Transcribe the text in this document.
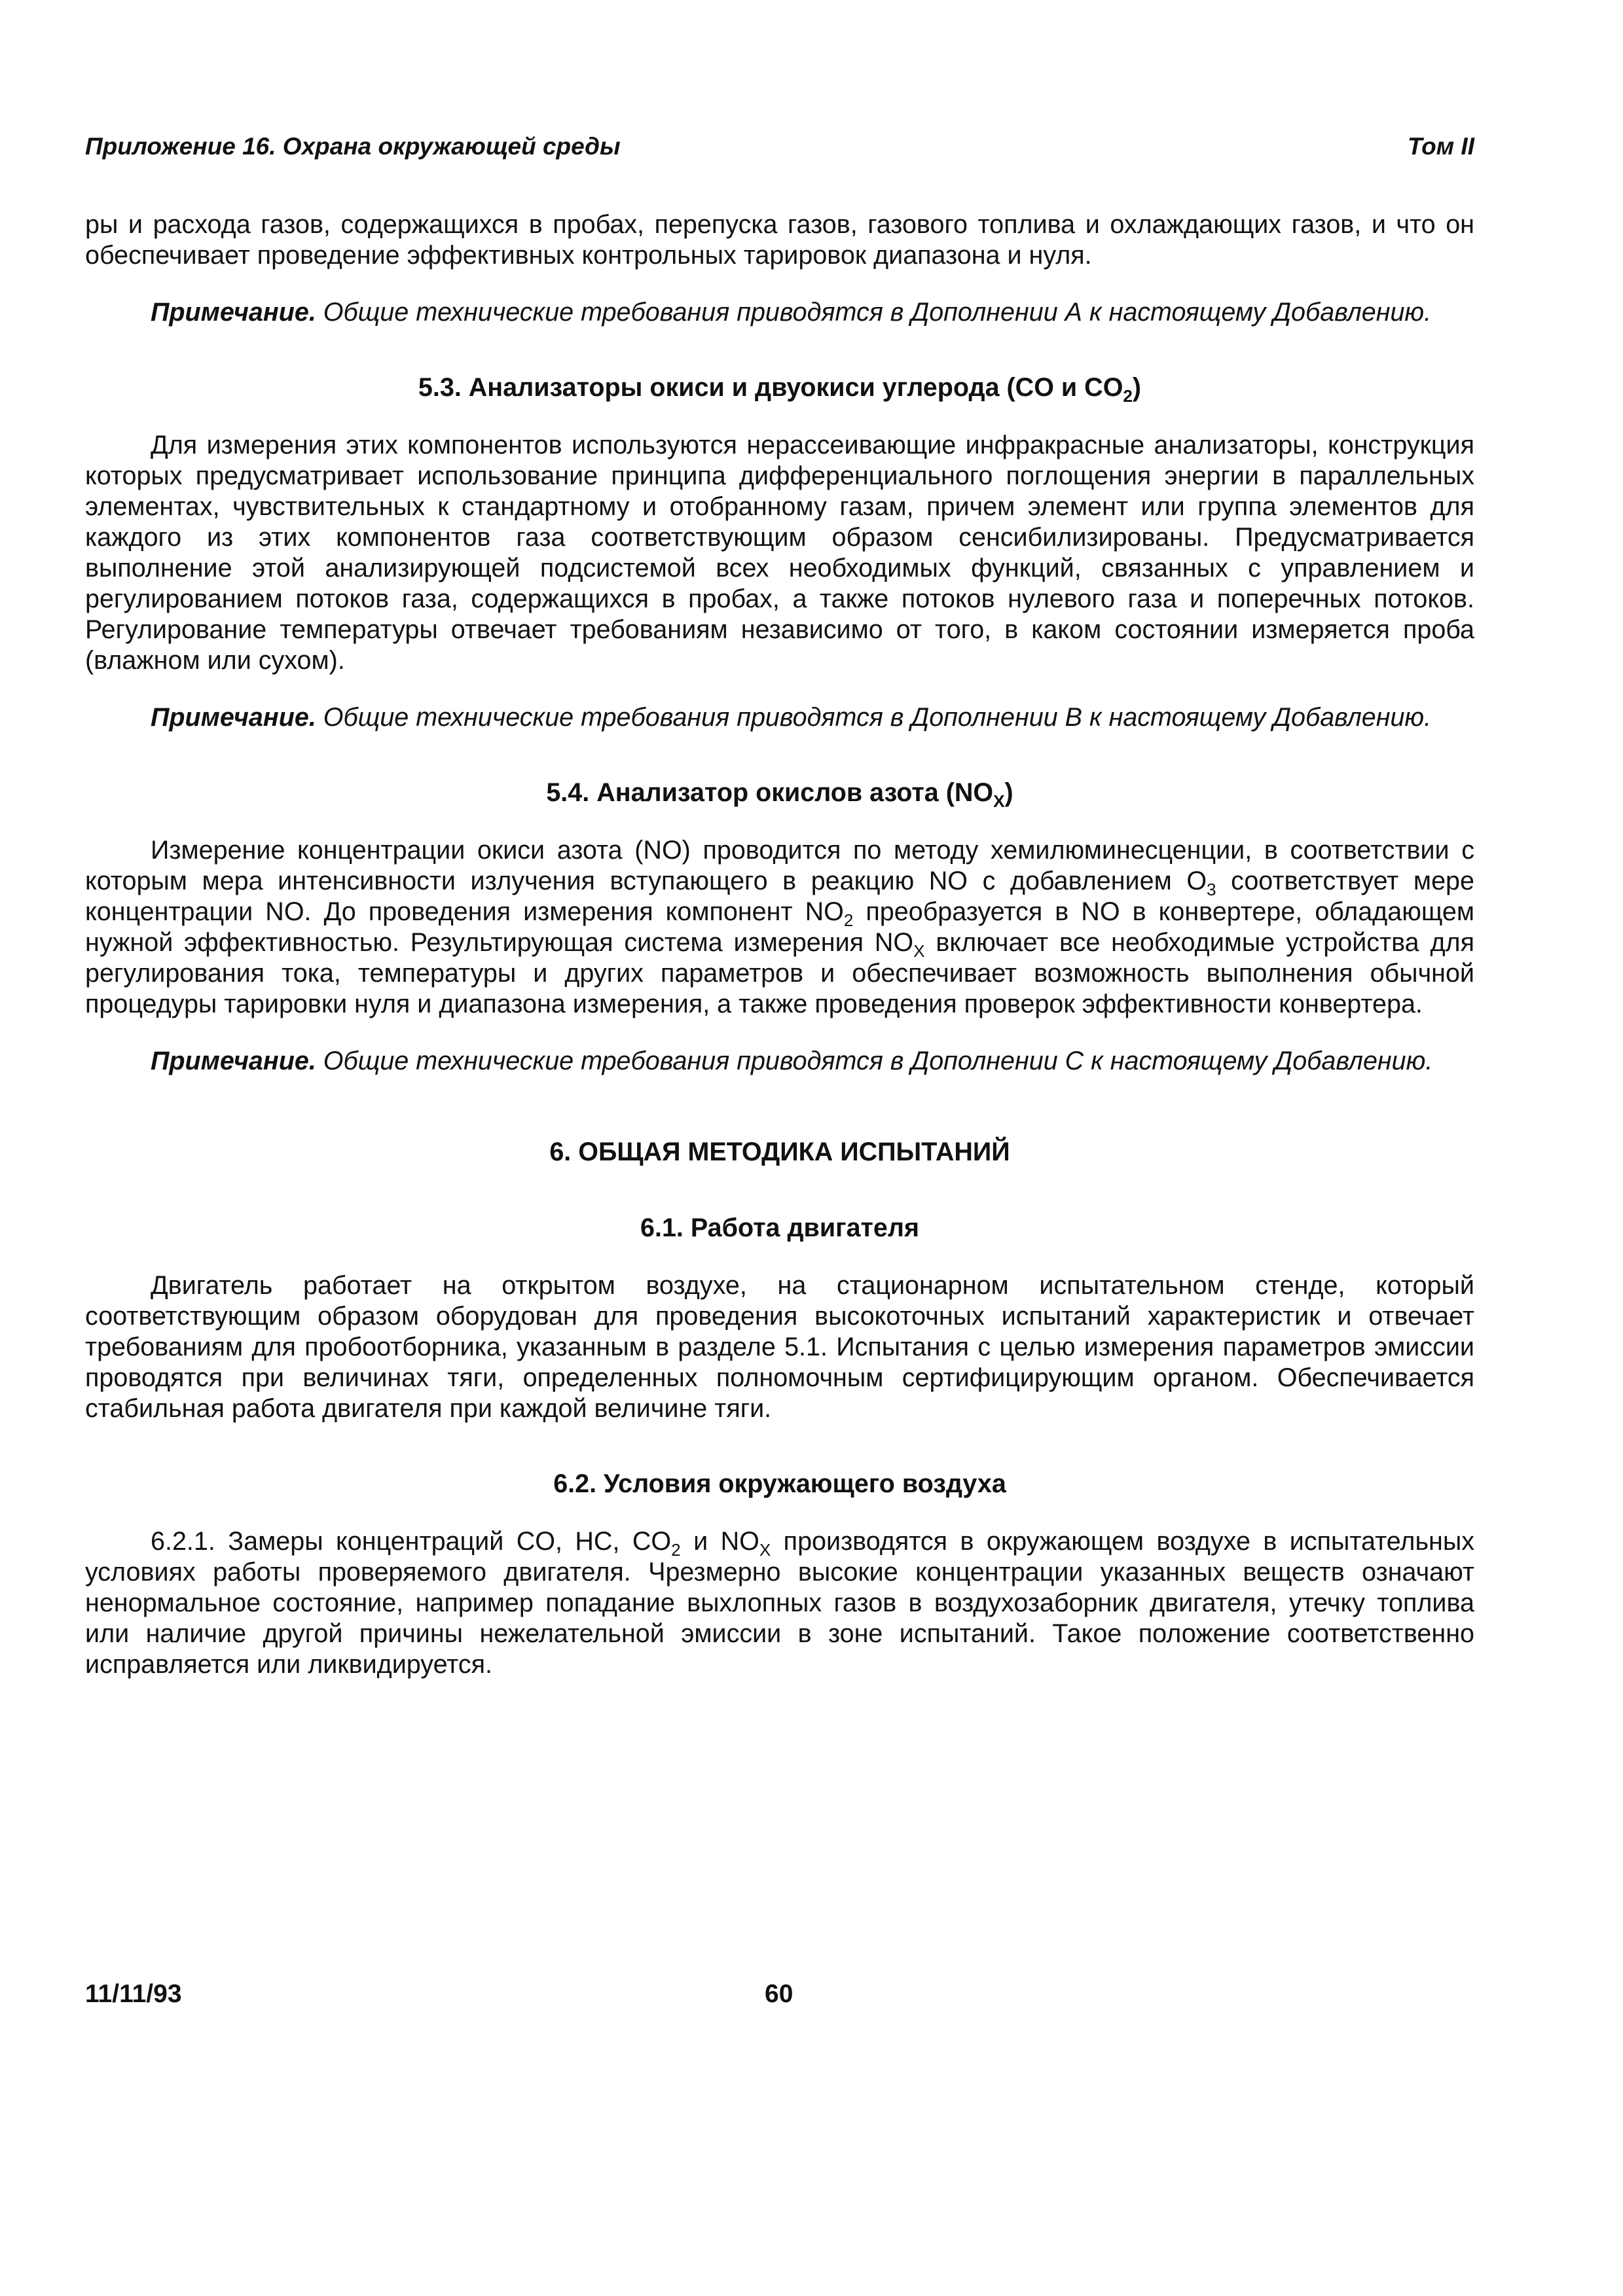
Приложение 16. Охрана окружающей среды	Том II

ры и расхода газов, содержащихся в пробах, перепуска газов, газового топлива и охлаждающих газов, и что он обеспечивает проведение эффективных контрольных тарировок диапазона и нуля.

Примечание. Общие технические требования приводятся в Дополнении А к настоящему Добавлению.

5.3. Анализаторы окиси и двуокиси углерода (CO и $CO_2$)

Для измерения этих компонентов используются нерассеивающие инфракрасные анализаторы, конструкция которых предусматривает использование принципа дифференциального поглощения энергии в параллельных элементах, чувствительных к стандартному и отобранному газам, причем элемент или группа элементов для каждого из этих компонентов газа соответствующим образом сенсибилизированы. Предусматривается выполнение этой анализирующей подсистемой всех необходимых функций, связанных с управлением и регулированием потоков газа, содержащихся в пробах, а также потоков нулевого газа и поперечных потоков. Регулирование температуры отвечает требованиям независимо от того, в каком состоянии измеряется проба (влажном или сухом).

Примечание. Общие технические требования приводятся в Дополнении В к настоящему Добавлению.

5.4. Анализатор окислов азота $(NO_X)$

Измерение концентрации окиси азота (NO) проводится по методу хемилюминесценции, в соответствии с которым мера интенсивности излучения вступающего в реакцию NO с добавлением $O_3$ соответствует мере концентрации NO. До проведения измерения компонент $NO_2$ преобразуется в NO в конвертере, обладающем нужной эффективностью. Результирующая система измерения $NO_X$ включает все необходимые устройства для регулирования тока, температуры и других параметров и обеспечивает возможность выполнения обычной процедуры тарировки нуля и диапазона измерения, а также проведения проверок эффективности конвертера.

Примечание. Общие технические требования приводятся в Дополнении С к настоящему Добавлению.

6. ОБЩАЯ МЕТОДИКА ИСПЫТАНИЙ
6.1. Работа двигателя

Двигатель работает на открытом воздухе, на стационарном испытательном стенде, который соответствующим образом оборудован для проведения высокоточных испытаний характеристик и отвечает требованиям для пробоотборника, указанным в разделе 5.1. Испытания с целью измерения параметров эмиссии проводятся при величинах тяги, определенных полномочным сертифицирующим органом. Обеспечивается стабильная работа двигателя при каждой величине тяги.

6.2. Условия окружающего воздуха

6.2.1. Замеры концентраций CO, HC, $CO_2$ и $NO_X$ производятся в окружающем воздухе в испытательных условиях работы проверяемого двигателя. Чрезмерно высокие концентрации указанных веществ означают ненормальное состояние, например попадание выхлопных газов в воздухозаборник двигателя, утечку топлива или наличие другой причины нежелательной эмиссии в зоне испытаний. Такое положение соответственно исправляется или ликвидируется.

11/11/93	60
